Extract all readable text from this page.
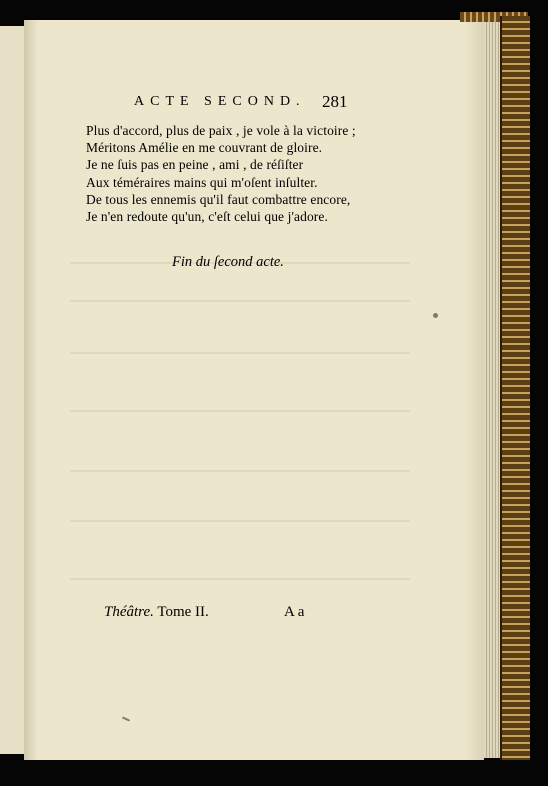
ACTE SECOND. 281
Plus d'accord, plus de paix , je vole à la victoire ;
Méritons Amélie en me couvrant de gloire.
Je ne ſuis pas en peine , ami , de réſiſter
Aux téméraires mains qui m'oſent inſulter.
De tous les ennemis qu'il faut combattre encore,
Je n'en redoute qu'un, c'eſt celui que j'adore.
Fin du ſecond acte.
Théâtre. Tome II.	A a
